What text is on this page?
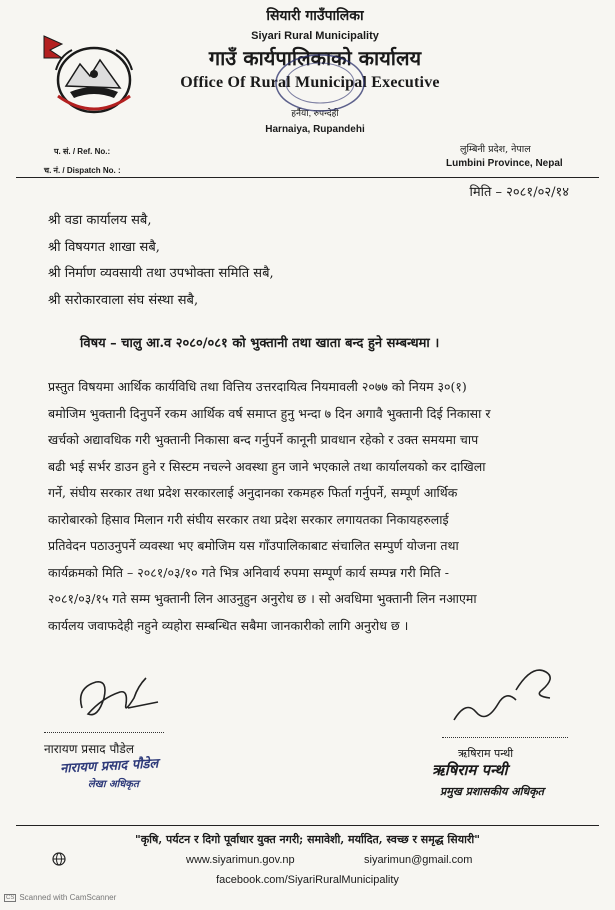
सियारी गाउँपालिका
Siyari Rural Municipality
गाउँ कार्यपालिकाको कार्यालय
Office Of Rural Municipal Executive
हर्नैया, रुपन्देही
Harnaiya, Rupandehi
प. सं. / Ref. No.:
च. नं. / Dispatch No. :
लुम्बिनी प्रदेश, नेपाल
Lumbini Province, Nepal
मिति – २०८१/०२/१४
श्री वडा कार्यालय सबै,
श्री विषयगत शाखा सबै,
श्री निर्माण व्यवसायी तथा उपभोक्ता समिति सबै,
श्री सरोकारवाला संघ संस्था सबै,
विषय – चालु आ.व २०८०/०८१ को भुक्तानी तथा खाता बन्द हुने सम्बन्धमा ।
प्रस्तुत विषयमा आर्थिक कार्यविधि तथा वित्तिय उत्तरदायित्व नियमावली २०७७ को नियम ३०(१)
बमोजिम भुक्तानी दिनुपर्ने रकम आर्थिक वर्ष समाप्त हुनु भन्दा ७ दिन अगावै भुक्तानी दिई निकासा र
खर्चको अद्यावधिक गरी भुक्तानी निकासा बन्द गर्नुपर्ने कानूनी प्रावधान रहेको र उक्त समयमा चाप
बढी भई सर्भर डाउन हुने र सिस्टम नचल्ने अवस्था हुन जाने भएकाले तथा कार्यालयको कर दाखिला
गर्ने, संघीय सरकार तथा प्रदेश सरकारलाई अनुदानका रकमहरु फिर्ता गर्नुपर्ने, सम्पूर्ण आर्थिक
कारोबारको हिसाव मिलान गरी संघीय सरकार तथा प्रदेश सरकार लगायतका निकायहरुलाई
प्रतिवेदन पठाउनुपर्ने व्यवस्था भए बमोजिम यस गाँउपालिकाबाट संचालित सम्पुर्ण योजना तथा
कार्यक्रमको मिति – २०८१/०३/१० गते भित्र अनिवार्य रुपमा सम्पूर्ण कार्य सम्पन्न गरी मिति -
२०८१/०३/१५ गते सम्म भुक्तानी लिन आउनुहुन अनुरोध छ । सो अवधिमा भुक्तानी लिन नआएमा
कार्यलय जवाफदेही नहुने व्यहोरा सम्बन्धित सबैमा जानकारीको लागि अनुरोध छ ।
नारायण प्रसाद पौडेल
नारायण प्रसाद पौडेल
लेखा अधिकृत
ऋषिराम पन्थी
ऋषिराम पन्थी
प्रमुख प्रशासकीय अधिकृत
"कृषि, पर्यटन र दिगो पूर्वाधार युक्त नगरी; समावेशी, मर्यादित, स्वच्छ र समृद्ध सियारी"
www.siyarimun.gov.np	siyarimun@gmail.com
facebook.com/SiyariRuralMunicipality
CS Scanned with CamScanner
